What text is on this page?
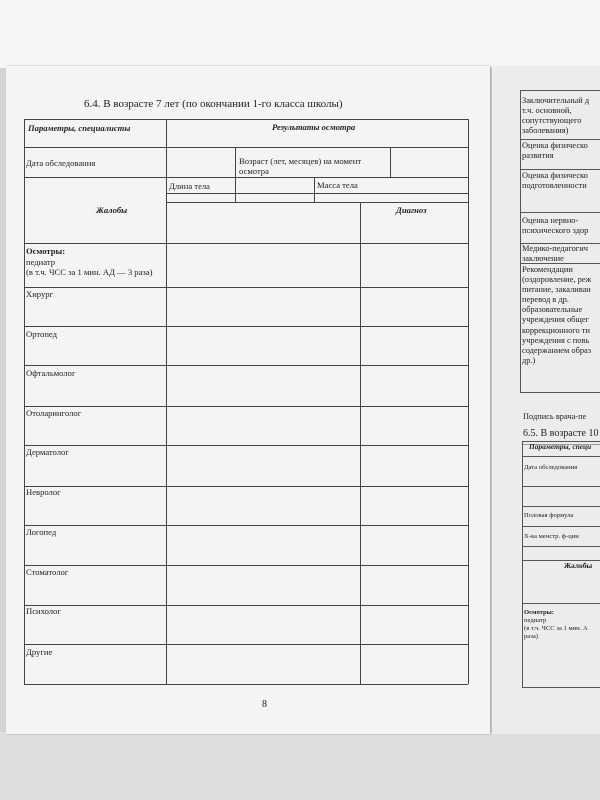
6.4. В возрасте 7 лет (по окончании 1-го класса школы)
Параметры, специалисты	Результаты осмотра
Дата обследования	Возраст (лет, месяцев) на момент осмотра
Длина тела	Масса тела
Жалобы	Диагноз
Осмотры:
педиатр
(в т.ч. ЧСС за 1 мин. АД — 3 раза)
Хирург
Ортопед
Офтальмолог
Отоларинголог
Дерматолог
Невролог
Логопед
Стоматолог
Психолог
Другие
8
Заключительный д
т.ч. основной,
сопутствующего
заболевания)
Оценка физическо
развития
Оценка физическо
подготовленности
Оценка нервно-
психического здор
Медико-педагогич
заключение
Рекомендации
(оздоровление, реж
питание, закаливан
перевод в др.
образовательные
учреждения общег
коррекционного ти
учреждения с повь
содержанием образ
др.)
Подпись врача-пе
6.5. В возрасте 10
Параметры, специ
Дата обследования
Половая формула
Х-ка менстр. ф-ции
Жалобы
Осмотры:
педиатр
(в т.ч. ЧСС за 1 мин. А
раза)
